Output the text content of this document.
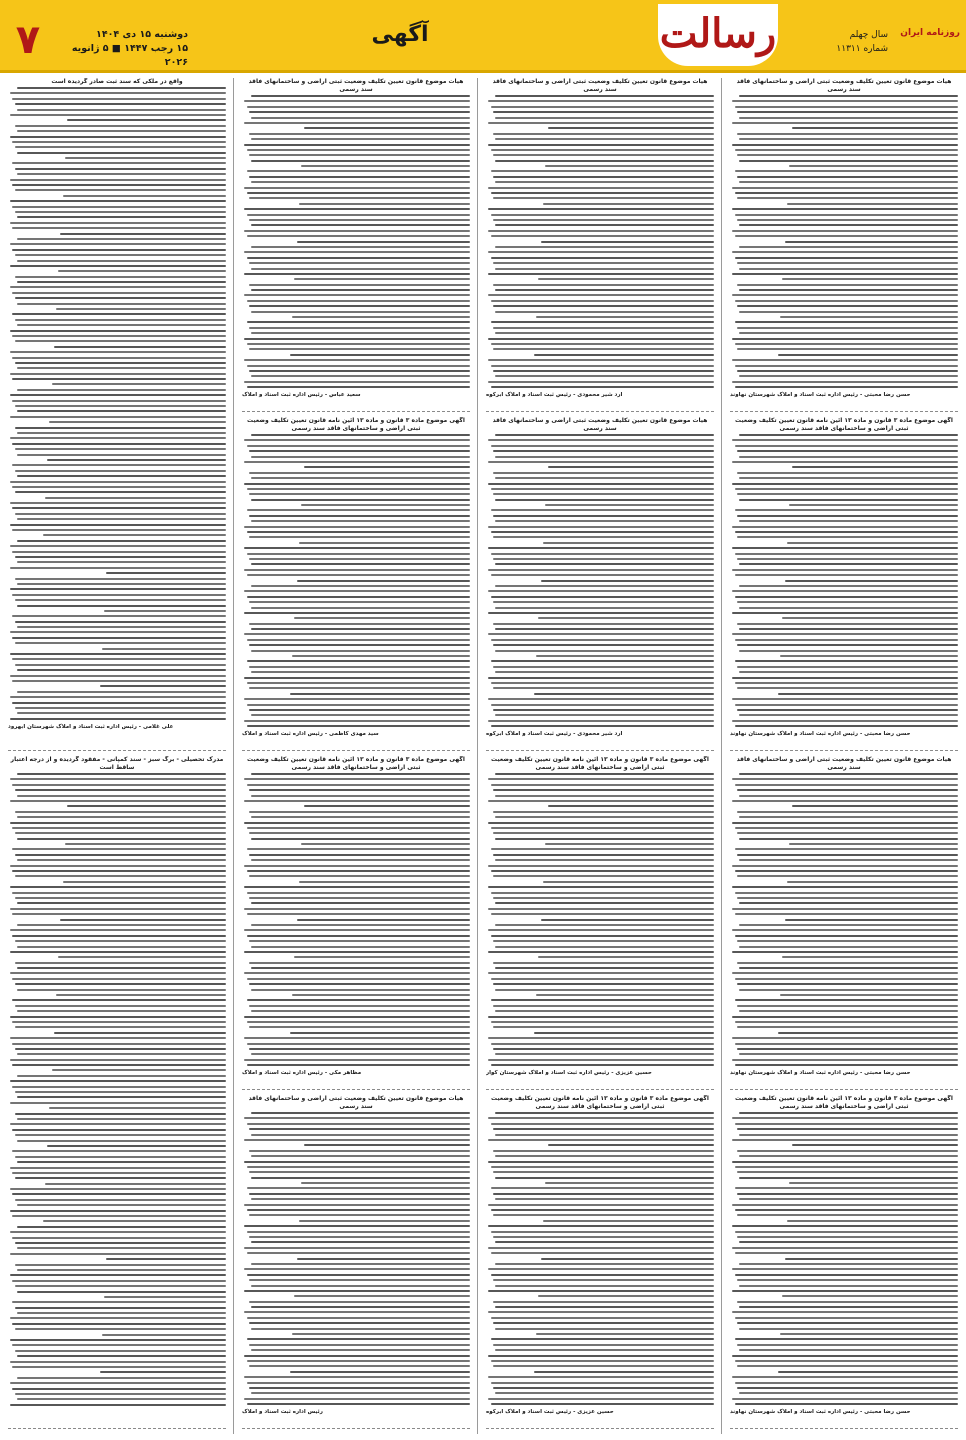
روزنامه ایران
سال چهلم
شماره ۱۱۳۱۱
رسالت
آگهی
دوشنبه ۱۵ دی ۱۴۰۴
۱۵ رجب ۱۴۴۷ ■ ۵ ژانویه ۲۰۲۶
۷
هیات موضوع قانون تعیین تکلیف وضعیت ثبتی اراضی و ساختمانهای فاقد سند رسمی
حسن رضا محبتی - رئیس اداره ثبت اسناد و املاک شهرستان نهاوند
آگهی موضوع ماده ۳ قانون و ماده ۱۳ آئین نامه قانون تعیین تکلیف وضعیت ثبتی اراضی و ساختمانهای فاقد سند رسمی
حسن رضا محبتی - رئیس اداره ثبت اسناد و املاک شهرستان نهاوند
هیات موضوع قانون تعیین تکلیف وضعیت ثبتی اراضی و ساختمانهای فاقد سند رسمی
حسن رضا محبتی - رئیس اداره ثبت اسناد و املاک شهرستان نهاوند
آگهی موضوع ماده ۳ قانون و ماده ۱۳ آئین نامه قانون تعیین تکلیف وضعیت ثبتی اراضی و ساختمانهای فاقد سند رسمی
حسن رضا محبتی - رئیس اداره ثبت اسناد و املاک شهرستان نهاوند
هیات موضوع قانون تعیین تکلیف وضعیت ثبتی اراضی و ساختمانهای فاقد سند رسمی
ارد شیر محمودی - رئیس ثبت اسناد و املاک ابرکوه
هیات موضوع قانون تعیین تکلیف وضعیت ثبتی اراضی و ساختمانهای فاقد سند رسمی
ارد شیر محمودی - رئیس ثبت اسناد و املاک ابرکوه
آگهی موضوع ماده ۳ قانون و ماده ۱۳ آئین نامه قانون تعیین تکلیف وضعیت ثبتی اراضی و ساختمانهای فاقد سند رسمی
حسین عزیزی - رئیس اداره ثبت اسناد و املاک شهرستان کوار
آگهی موضوع ماده ۳ قانون و ماده ۱۳ آئین نامه قانون تعیین تکلیف وضعیت ثبتی اراضی و ساختمانهای فاقد سند رسمی
حسین عزیزی - رئیس ثبت اسناد و املاک ابرکوه
هیات موضوع قانون تعیین تکلیف وضعیت ثبتی اراضی و ساختمانهای فاقد سند رسمی
سعید عباس - رئیس اداره ثبت اسناد و املاک
آگهی موضوع ماده ۳ قانون و ماده ۱۳ آئین نامه قانون تعیین تکلیف وضعیت ثبتی اراضی و ساختمانهای فاقد سند رسمی
سید مهدی کاظمی - رئیس اداره ثبت اسناد و املاک
آگهی موضوع ماده ۳ قانون و ماده ۱۳ آئین نامه قانون تعیین تکلیف وضعیت ثبتی اراضی و ساختمانهای فاقد سند رسمی
مظاهر مکی - رئیس اداره ثبت اسناد و املاک
هیات موضوع قانون تعیین تکلیف وضعیت ثبتی اراضی و ساختمانهای فاقد سند رسمی
رئیس اداره ثبت اسناد و املاک
واقع در ملکی که سند ثبت صادر گردیده است
علی غلامی - رئیس اداره ثبت اسناد و املاک شهرستان ابهرود
مدرک تحصیلی - برگ سبز - سند کمپانی - مفقود گردیده و از درجه اعتبار ساقط است
